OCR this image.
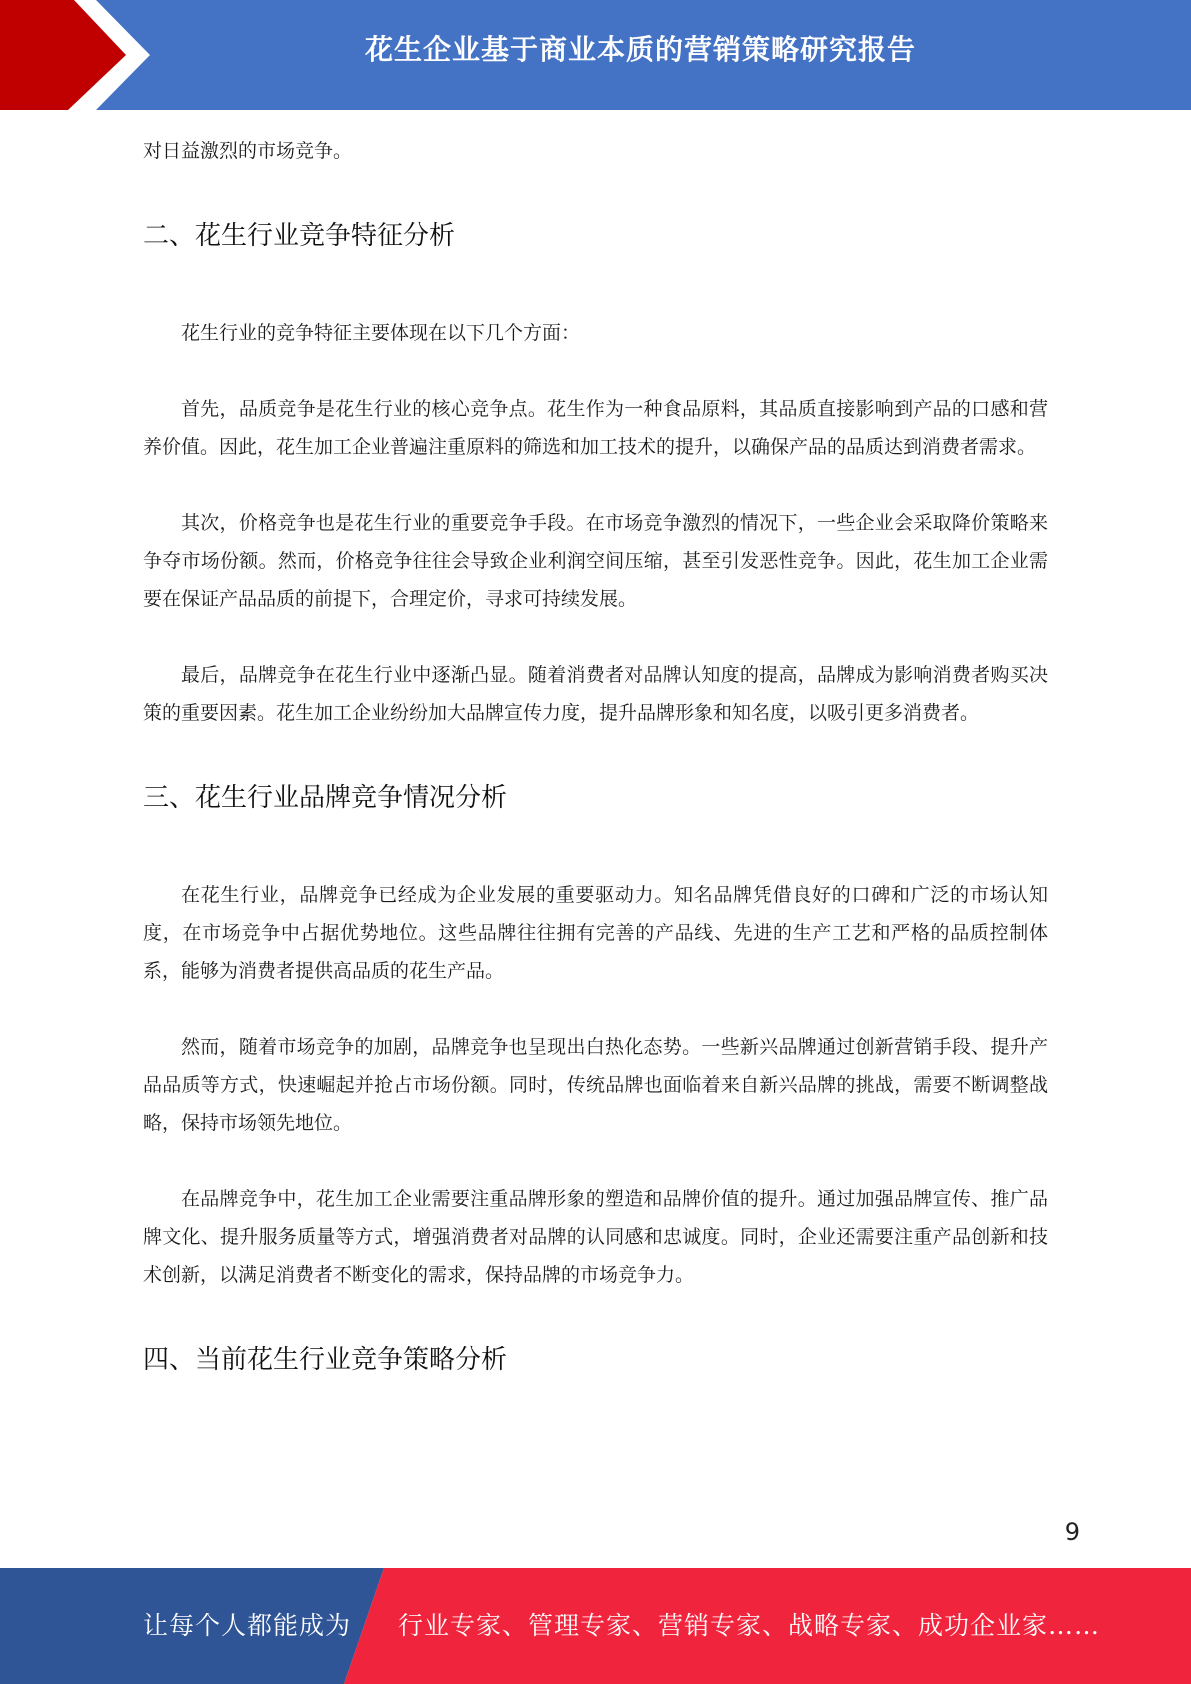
花生企业基于商业本质的营销策略研究报告

对日益激烈的市场竞争。

二、花生行业竞争特征分析

花生行业的竞争特征主要体现在以下几个方面：

首先，品质竞争是花生行业的核心竞争点。花生作为一种食品原料，其品质直接影响到产品的口感和营养价值。因此，花生加工企业普遍注重原料的筛选和加工技术的提升，以确保产品的品质达到消费者需求。

其次，价格竞争也是花生行业的重要竞争手段。在市场竞争激烈的情况下，一些企业会采取降价策略来争夺市场份额。然而，价格竞争往往会导致企业利润空间压缩，甚至引发恶性竞争。因此，花生加工企业需要在保证产品品质的前提下，合理定价，寻求可持续发展。

最后，品牌竞争在花生行业中逐渐凸显。随着消费者对品牌认知度的提高，品牌成为影响消费者购买决策的重要因素。花生加工企业纷纷加大品牌宣传力度，提升品牌形象和知名度，以吸引更多消费者。

三、花生行业品牌竞争情况分析

在花生行业，品牌竞争已经成为企业发展的重要驱动力。知名品牌凭借良好的口碑和广泛的市场认知度，在市场竞争中占据优势地位。这些品牌往往拥有完善的产品线、先进的生产工艺和严格的品质控制体系，能够为消费者提供高品质的花生产品。

然而，随着市场竞争的加剧，品牌竞争也呈现出白热化态势。一些新兴品牌通过创新营销手段、提升产品品质等方式，快速崛起并抢占市场份额。同时，传统品牌也面临着来自新兴品牌的挑战，需要不断调整战略，保持市场领先地位。

在品牌竞争中，花生加工企业需要注重品牌形象的塑造和品牌价值的提升。通过加强品牌宣传、推广品牌文化、提升服务质量等方式，增强消费者对品牌的认同感和忠诚度。同时，企业还需要注重产品创新和技术创新，以满足消费者不断变化的需求，保持品牌的市场竞争力。

四、当前花生行业竞争策略分析
9
让每个人都能成为 行业专家、管理专家、营销专家、战略专家、成功企业家……
